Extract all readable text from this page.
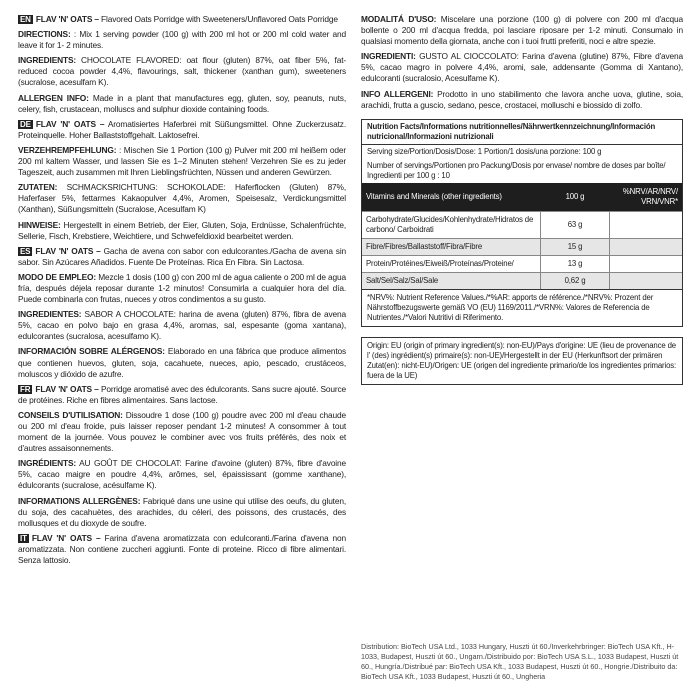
EN FLAV 'N' OATS – Flavored Oats Porridge with Sweeteners/Unflavored Oats Porridge

DIRECTIONS: : Mix 1 serving powder (100 g) with 200 ml hot or 200 ml cold water and leave it for 1- 2 minutes.

INGREDIENTS: CHOCOLATE FLAVORED: oat flour (gluten) 87%, oat fiber 5%, fat-reduced cocoa powder 4,4%, flavourings, salt, thickener (xanthan gum), sweeteners (sucralose, acesulfam K).

ALLERGEN INFO: Made in a plant that manufactures egg, gluten, soy, peanuts, nuts, celery, fish, crustacean, molluscs and sulphur dioxide containing foods.

DE FLAV 'N' OATS – Aromatisiertes Haferbrei mit Süßungsmittel. Ohne Zuckerzusatz. Proteinquelle. Hoher Ballaststoffgehalt. Laktosefrei.

VERZEHREMPFEHLUNG: : Mischen Sie 1 Portion (100 g) Pulver mit 200 ml heißem oder 200 ml kaltem Wasser, und lassen Sie es 1–2 Minuten stehen! Verzehren Sie es zu jeder Tageszeit, auch zusammen mit Ihren Lieblingsfrüchten, Nüssen und anderen Gewürzen.

ZUTATEN: SCHMACKSRICHTUNG: SCHOKOLADE: Haferflocken (Gluten) 87%, Haferfaser 5%, fettarmes Kakaopulver 4,4%, Aromen, Speisesalz, Verdickungsmittel (Xanthan), Süßungsmitteln (Sucralose, Acesulfam K)

HINWEISE: Hergestellt in einem Betrieb, der Eier, Gluten, Soja, Erdnüsse, Schalenfrüchte, Sellerie, Fisch, Krebstiere, Weichtiere, und Schwefeldioxid bearbeitet werden.

ES FLAV 'N' OATS – Gacha de avena con sabor con edulcorantes./Gacha de avena sin sabor. Sin Azúcares Añadidos. Fuente De Proteínas. Rica En Fibra. Sin Lactosa.

MODO DE EMPLEO: Mezcle 1 dosis (100 g) con 200 ml de agua caliente o 200 ml de agua fría, después déjela reposar durante 1-2 minutos! Consumirla a cualquier hora del día. Puede combinarla con frutas, nueces y otros condimentos a su gusto.

INGREDIENTES: SABOR A CHOCOLATE: harina de avena (gluten) 87%, fibra de avena 5%, cacao en polvo bajo en grasa 4,4%, aromas, sal, espesante (goma xantana), edulcorantes (sucralosa, acesulfamo K).

INFORMACIÓN SOBRE ALÉRGENOS: Elaborado en una fábrica que produce alimentos que contienen huevos, gluten, soja, cacahuete, nueces, apio, pescado, crustáceos, moluscos y dióxido de azufre.

FR FLAV 'N' OATS – Porridge aromatisé avec des édulcorants. Sans sucre ajouté. Source de protéines. Riche en fibres alimentaires. Sans lactose.

CONSEILS D'UTILISATION: Dissoudre 1 dose (100 g) poudre avec 200 ml d'eau chaude ou 200 ml d'eau froide, puis laisser reposer pendant 1-2 minutes! A consommer à tout moment de la journée. Vous pouvez le combiner avec vos fruits préférés, des noix et d'autres assaisonnements.

INGRÉDIENTS: AU GOÛT DE CHOCOLAT: Farine d'avoine (gluten) 87%, fibre d'avoine 5%, cacao maigre en poudre 4,4%, arômes, sel, épaississant (gomme xanthane), édulcorants (sucralose, acésulfame K).

INFORMATIONS ALLERGÈNES: Fabriqué dans une usine qui utilise des oeufs, du gluten, du soja, des cacahuètes, des arachides, du céleri, des poissons, des crustacés, des mollusques et du dioxyde de soufre.

IT FLAV 'N' OATS – Farina d'avena aromatizzata con edulcoranti./Farina d'avena non aromatizzata. Non contiene zuccheri aggiunti. Fonte di proteine. Ricco di fibre alimentari. Senza lattosio.

MODALITÁ D'USO: Miscelare una porzione (100 g) di polvere con 200 ml d'acqua bollente o 200 ml d'acqua fredda, poi lasciare riposare per 1-2 minuti. Consumalo in qualsiasi momento della giornata, anche con i tuoi frutti preferiti, noci e altre spezie.

INGREDIENTI: GUSTO AL CIOCCOLATO: Farina d'avena (glutine) 87%, Fibre d'avena 5%, cacao magro in polvere 4,4%, aromi, sale, addensante (Gomma di Xantano), edulcoranti (sucralosio, Acesulfame K).

INFO ALLERGENI: Prodotto in uno stabilimento che lavora anche uova, glutine, soia, arachidi, frutta a guscio, sedano, pesce, crostacei, molluschi e biossido di zolfo.

Nutrition Facts/Informations nutritionnelles/Nährwertkennzeichnung/Información nutricional/Informazioni nutrizionali
Serving size/Portion/Dosis/Dose: 1 Portion/1 dosis/una porzione: 100 g
Number of servings/Portionen pro Packung/Dosis por envase/ nombre de doses par boîte/ Ingredienti per 100 g : 10
Vitamins and Minerals (other ingredients)	100 g	%NRV/AR/NRV/ VRN/VNR*
Carbohydrate/Glucides/Kohlenhydrate/Hidratos de carbono/ Carboidrati	63 g	
Fibre/Fibres/Ballaststoff/Fibra/Fibre	15 g	
Protein/Protéines/Eiweiß/Proteínas/Proteine/	13 g	
Salt/Sel/Salz/Sal/Sale	0,62 g	
*NRV%: Nutrient Reference Values./*%AR: apports de référence./*NRV%: Prozent der Nährstoffbezugswerte gemäß VO (EU) 1169/2011./*VRN%: Valores de Referencia de Nutrientes./*Valori Nutritivi di Riferimento.
Origin: EU (origin of primary ingredient(s): non-EU)/Pays d'origine: UE (lieu de provenance de l' (des) ingrédient(s) primaire(s): non-UE)/Hergestellt in der EU (Herkunftsort der primären Zutat(en): nicht-EU)/Origen: UE (origen del ingrediente primario/de los ingredientes primarios: fuera de la UE)
Distribution: BioTech USA Ltd., 1033 Hungary, Huszti út 60./Inverkehrbringer: BioTech USA Kft., H-1033, Budapest, Huszti út 60., Ungarn./Distribuido por: BioTech USA S.L., 1033 Budapest, Huszti út 60., Hungría./Distribué par: BioTech USA Kft., 1033 Budapest, Huszti út 60., Hongrie./Distribuito da: BioTech USA Kft., 1033 Budapest, Huszti út 60., Ungheria
